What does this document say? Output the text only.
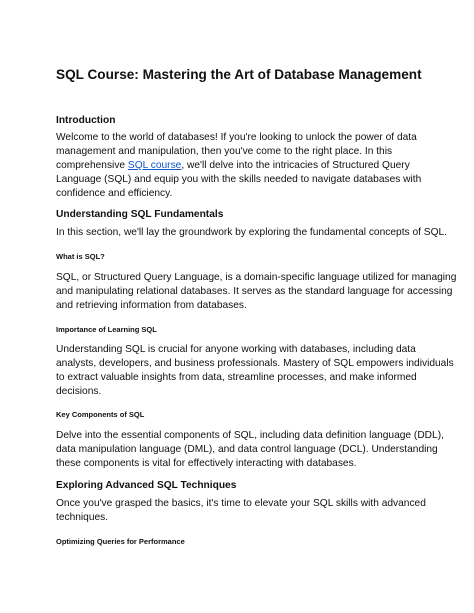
SQL Course: Mastering the Art of Database Management
Introduction
Welcome to the world of databases! If you're looking to unlock the power of data
management and manipulation, then you've come to the right place. In this
comprehensive SQL course, we'll delve into the intricacies of Structured Query
Language (SQL) and equip you with the skills needed to navigate databases with
confidence and efficiency.
Understanding SQL Fundamentals
In this section, we'll lay the groundwork by exploring the fundamental concepts of SQL.
What is SQL?
SQL, or Structured Query Language, is a domain-specific language utilized for managing
and manipulating relational databases. It serves as the standard language for accessing
and retrieving information from databases.
Importance of Learning SQL
Understanding SQL is crucial for anyone working with databases, including data
analysts, developers, and business professionals. Mastery of SQL empowers individuals
to extract valuable insights from data, streamline processes, and make informed
decisions.
Key Components of SQL
Delve into the essential components of SQL, including data definition language (DDL),
data manipulation language (DML), and data control language (DCL). Understanding
these components is vital for effectively interacting with databases.
Exploring Advanced SQL Techniques
Once you've grasped the basics, it's time to elevate your SQL skills with advanced
techniques.
Optimizing Queries for Performance
